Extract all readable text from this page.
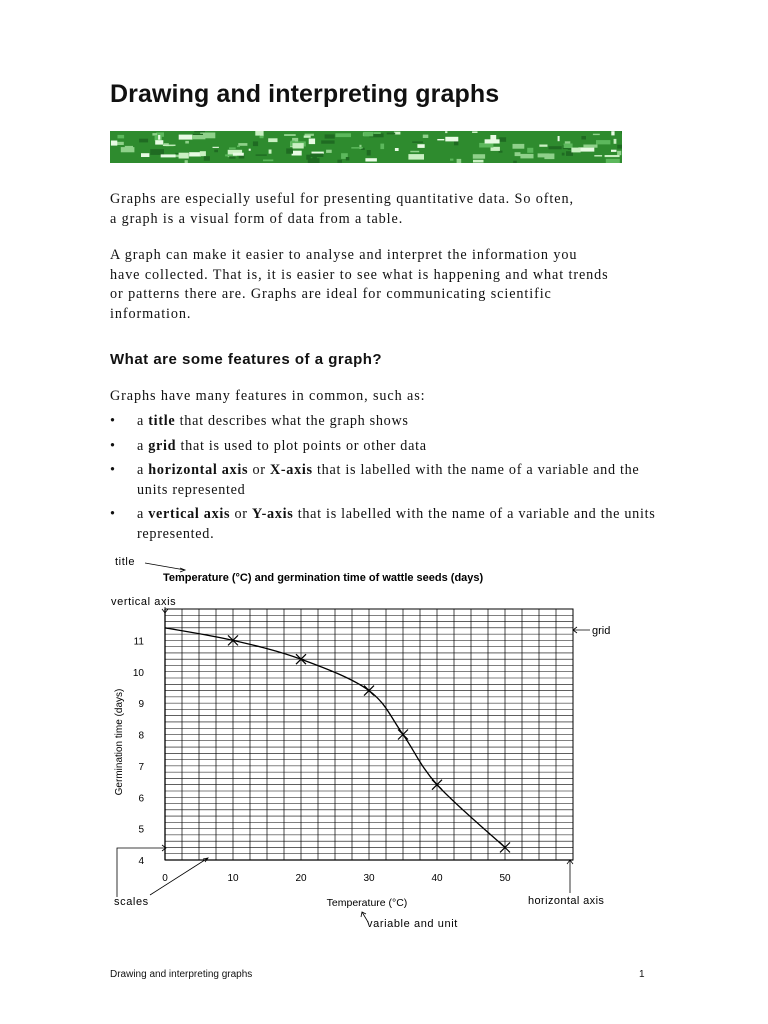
Drawing and interpreting graphs

Graphs are especially useful for presenting quantitative data. So often,
a graph is a visual form of data from a table.

A graph can make it easier to analyse and interpret the information you
have collected. That is, it is easier to see what is happening and what trends
or patterns there are. Graphs are ideal for communicating scientific
information.

What are some features of a graph?

Graphs have many features in common, such as:

• a title that describes what the graph shows
• a grid that is used to plot points or other data
• a horizontal axis or X-axis that is labelled with the name of a variable and the units represented
• a vertical axis or Y-axis that is labelled with the name of a variable and the units represented.
0	10	20	30	40	50
4
5
6
7
8
9
10
11
Temperature (°C) and germination time of wattle seeds (days)
Germination time (days)
Temperature (°C)
title
vertical axis
grid
scales	horizontal axis
variable and unit
Drawing and interpreting graphs	1
